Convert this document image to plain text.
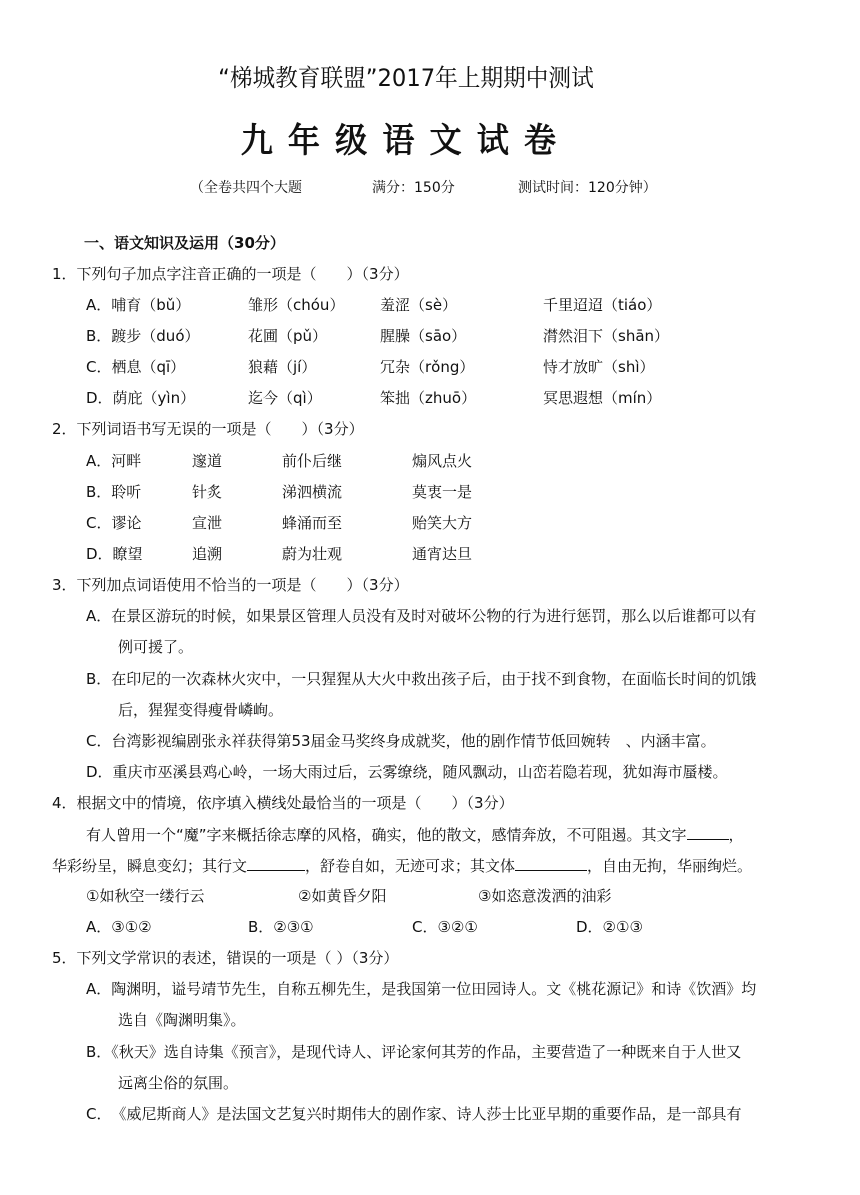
“梯城教育联盟”2017年上期期中测试
九年级语文试卷
（全卷共四个大题	满分：150分	测试时间：120分钟）
一、语文知识及运用（30分）
1．下列句子加点字注音正确的一项是（　　）（3分）
A．哺育（bǔ）	雏形（chóu） 羞涩（sè）	千里迢迢（tiáo）
B．踱步（duó）	花圃（pǔ）	腥臊（sāo）	潸然泪下（shān）
C．栖息（qī）	狼藉（jí）	冗杂（rǒng）	恃才放旷（shì）
D．荫庇（yìn）	迄今（qì）	笨拙（zhuō）	冥思遐想（mín）
2．下列词语书写无误的一项是（　　）（3分）
A．河畔	邃道	前仆后继	煽风点火
B．聆听	针炙	涕泗横流	莫衷一是
C．谬论	宣泄	蜂涌而至	贻笑大方
D．瞭望	追溯	蔚为壮观	通宵达旦
3．下列加点词语使用不恰当的一项是（　　）（3分）
A．在景区游玩的时候，如果景区管理人员没有及时对破坏公物的行为进行惩罚，那么以后谁都可以有
例可援了。
B．在印尼的一次森林火灾中，一只猩猩从大火中救出孩子后，由于找不到食物，在面临长时间的饥饿
后，猩猩变得瘦骨嶙峋。
C．台湾影视编剧张永祥获得第53届金马奖终身成就奖，他的剧作情节低回婉转　、内涵丰富。
D．重庆市巫溪县鸡心岭，一场大雨过后，云雾缭绕，随风飘动，山峦若隐若现，犹如海市蜃楼。
4．根据文中的情境，依序填入横线处最恰当的一项是（　　）（3分）
有人曾用一个“魔”字来概括徐志摩的风格，确实，他的散文，感情奔放，不可阻遏。其文字	，
华彩纷呈，瞬息变幻；其行文	，舒卷自如，无迹可求；其文体	，自由无拘，华丽绚烂。
①如秋空一缕行云	②如黄昏夕阳	③如恣意泼洒的油彩
A．③①②	B．②③①	C．③②①	D．②①③
5．下列文学常识的表述，错误的一项是（ ）（3分）
A．陶渊明，谥号靖节先生，自称五柳先生，是我国第一位田园诗人。文《桃花源记》和诗《饮酒》均
选自《陶渊明集》。
B．《秋天》选自诗集《预言》，是现代诗人、评论家何其芳的作品，主要营造了一种既来自于人世又
远离尘俗的氛围。
C．　《威尼斯商人》是法国文艺复兴时期伟大的剧作家、诗人莎士比亚早期的重要作品，是一部具有
